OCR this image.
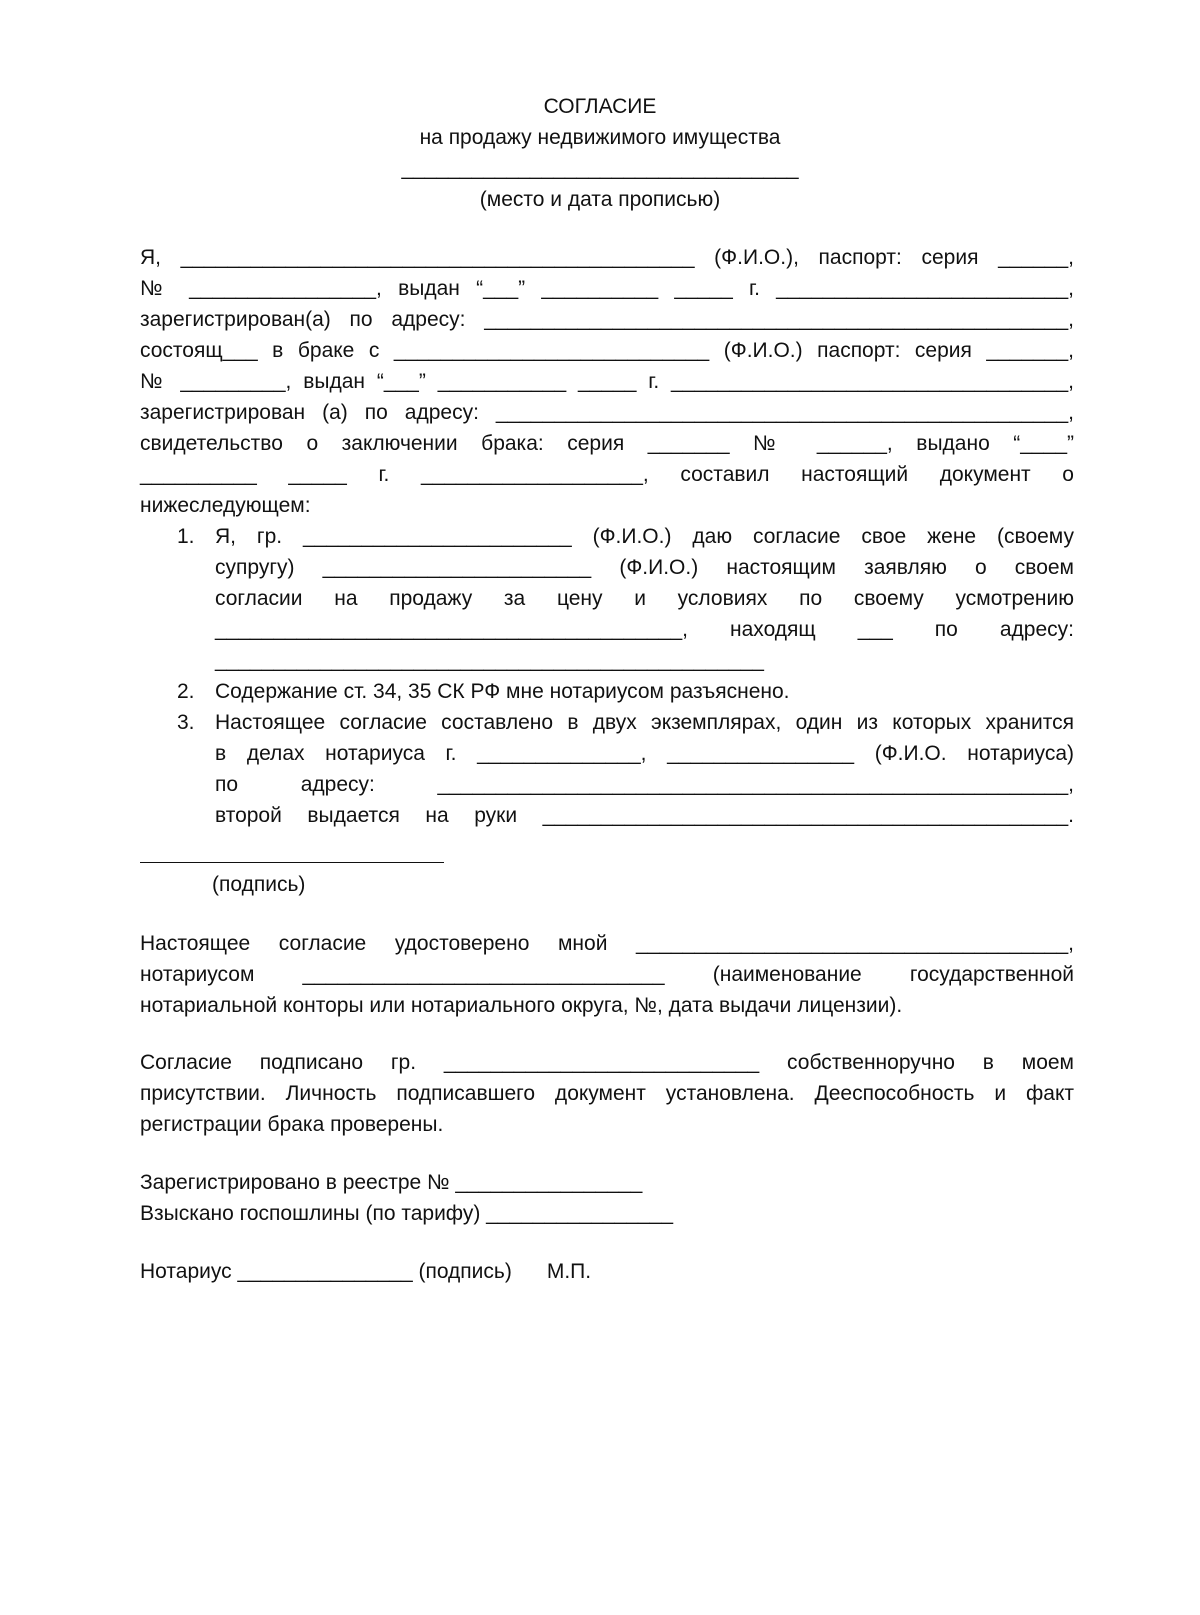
СОГЛАСИЕ
на продажу недвижимого имущества
__________________________________
(место и дата прописью)
Я, ____________________________________________ (Ф.И.О.), паспорт: серия ______,
№ ________________, выдан “___” __________ _____ г. _________________________,
зарегистрирован(а) по адресу: __________________________________________________,
состоящ___ в браке с ___________________________ (Ф.И.О.) паспорт: серия _______,
№ _________, выдан “___” ___________ _____ г. __________________________________,
зарегистрирован (а) по адресу: _________________________________________________,
свидетельство о заключении брака: серия _______ № ______, выдано “____”
__________ _____ г. ___________________, составил настоящий документ о
нижеследующем:
1. Я, гр. _______________________ (Ф.И.О.) даю согласие свое жене (своему
супругу) _______________________ (Ф.И.О.) настоящим заявляю о своем
согласии на продажу за цену и условиях по своему усмотрению
________________________________________, находящ ___ по адресу:
_______________________________________________
2. Содержание ст. 34, 35 СК РФ мне нотариусом разъяснено.
3. Настоящее согласие составлено в двух экземплярах, один из которых хранится
в делах нотариуса г. ______________, ________________ (Ф.И.О. нотариуса)
по адресу: ______________________________________________________,
второй выдается на руки _____________________________________________.
(подпись)
Настоящее согласие удостоверено мной _____________________________________,
нотариусом _______________________________ (наименование государственной
нотариальной конторы или нотариального округа, №, дата выдачи лицензии).
Согласие подписано гр. ___________________________ собственноручно в моем
присутствии. Личность подписавшего документ установлена. Дееспособность и факт
регистрации брака проверены.
Зарегистрировано в реестре № ________________
Взыскано госпошлины (по тарифу) ________________
Нотариус _______________ (подпись)      М.П.
